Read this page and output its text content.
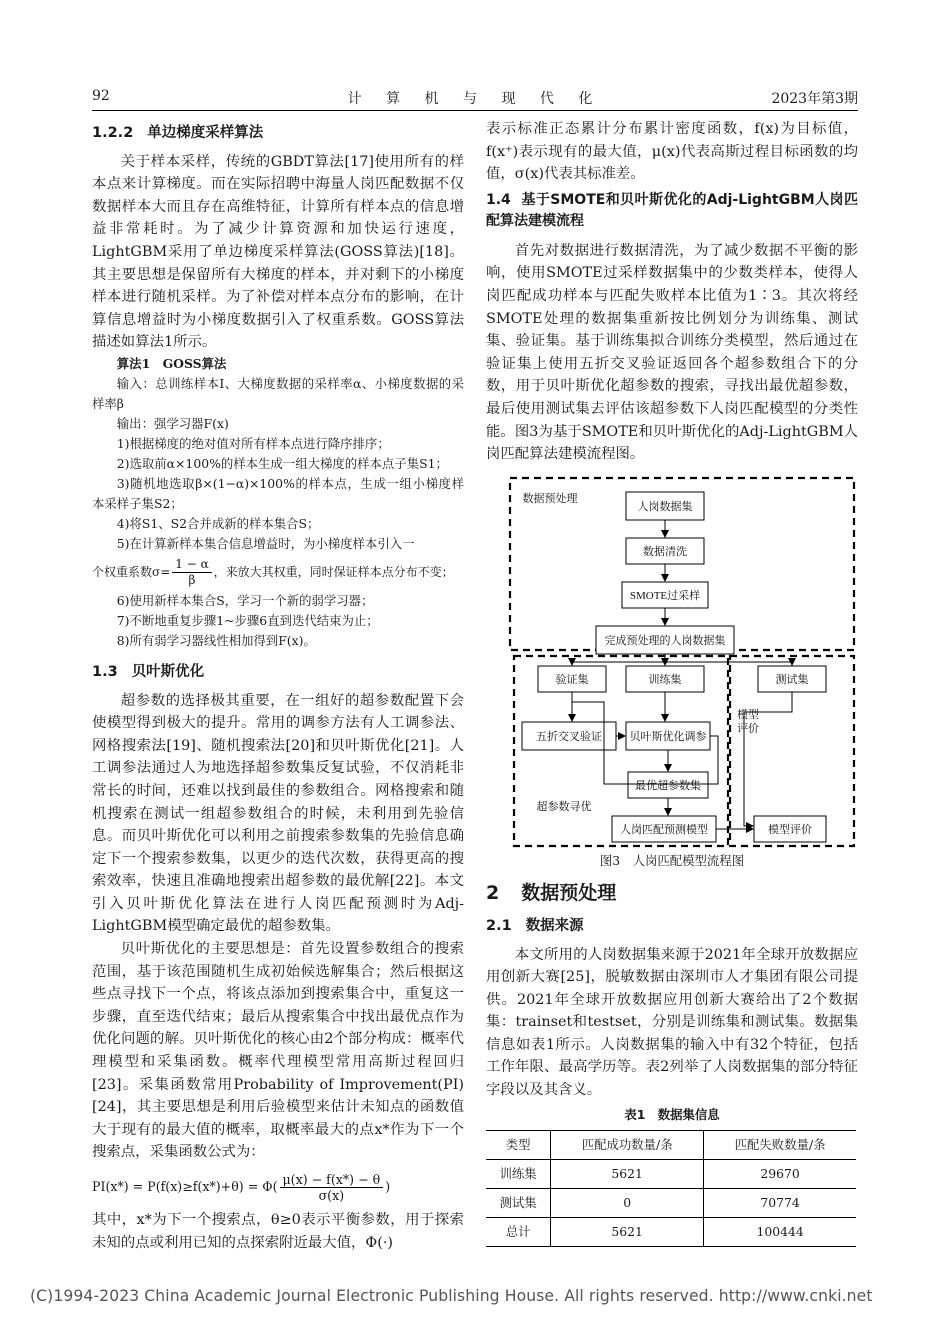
92	计 算 机 与 现 代 化	2023年第3期
1.2.2 单边梯度采样算法

关于样本采样，传统的GBDT算法[17]使用所有的样本点来计算梯度。而在实际招聘中海量人岗匹配数据不仅数据样本大而且存在高维特征，计算所有样本点的信息增益非常耗时。为了减少计算资源和加快运行速度，LightGBM采用了单边梯度采样算法(GOSS算法)[18]。其主要思想是保留所有大梯度的样本，并对剩下的小梯度样本进行随机采样。为了补偿对样本点分布的影响，在计算信息增益时为小梯度数据引入了权重系数。GOSS算法描述如算法1所示。

算法1　GOSS算法
输入：总训练样本I、大梯度数据的采样率α、小梯度数据的采样率β
输出：强学习器F(x)
1)根据梯度的绝对值对所有样本点进行降序排序；
2)选取前α×100%的样本生成一组大梯度的样本点子集S1；
3)随机地选取β×(1−α)×100%的样本点，生成一组小梯度样本采样子集S2；
4)将S1、S2合并成新的样本集合S；
5)在计算新样本集合信息增益时，为小梯度样本引入一
个权重系数$\sigma= \frac{1 - \alpha}{\beta}$ ，来放大其权重，同时保证样本点分布不变；
6)使用新样本集合S，学习一个新的弱学习器；
7)不断地重复步骤1~步骤6直到迭代结束为止；
8)所有弱学习器线性相加得到F(x)。
1.3 贝叶斯优化

超参数的选择极其重要，在一组好的超参数配置下会使模型得到极大的提升。常用的调参方法有人工调参法、网格搜索法[19]、随机搜索法[20]和贝叶斯优化[21]。人工调参法通过人为地选择超参数集反复试验，不仅消耗非常长的时间，还难以找到最佳的参数组合。网格搜索和随机搜索在测试一组超参数组合的时候，未利用到先验信息。而贝叶斯优化可以利用之前搜索参数集的先验信息确定下一个搜索参数集，以更少的迭代次数，获得更高的搜索效率，快速且准确地搜索出超参数的最优解[22]。本文引入贝叶斯优化算法在进行人岗匹配预测时为Adj-LightGBM模型确定最优的超参数集。

贝叶斯优化的主要思想是：首先设置参数组合的搜索范围，基于该范围随机生成初始候选解集合；然后根据这些点寻找下一个点，将该点添加到搜索集合中，重复这一步骤，直至迭代结束；最后从搜索集合中找出最优点作为优化问题的解。贝叶斯优化的核心由2个部分构成：概率代理模型和采集函数。概率代理模型常用高斯过程回归[23]。采集函数常用Probability of Improvement(PI)[24]，其主要思想是利用后验模型来估计未知点的函数值大于现有的最大值的概率，取概率最大的点x*作为下一个搜索点，采集函数公式为：

$PI(x*) = P(f(x)\ge f(x*)+\theta) = \Phi( \frac{\mu(x) - f(x*) - \theta}{\sigma(x)}$ )

其中，x*为下一个搜索点，θ≥0表示平衡参数，用于探索未知的点或利用已知的点探索附近最大值，Φ(·)

表示标准正态累计分布累计密度函数，f(x)为目标值，f(x⁺)表示现有的最大值，μ(x)代表高斯过程目标函数的均值，σ(x)代表其标准差。

1.4 基于SMOTE和贝叶斯优化的Adj-LightGBM人岗匹配算法建模流程

首先对数据进行数据清洗，为了减少数据不平衡的影响，使用SMOTE过采样数据集中的少数类样本，使得人岗匹配成功样本与匹配失败样本比值为1∶3。其次将经SMOTE处理的数据集重新按比例划分为训练集、测试集、验证集。基于训练集拟合训练分类模型，然后通过在验证集上使用五折交叉验证返回各个超参数组合下的分数，用于贝叶斯优化超参数的搜索，寻找出最优超参数，最后使用测试集去评估该超参数下人岗匹配模型的分类性能。图3为基于SMOTE和贝叶斯优化的Adj-LightGBM人岗匹配算法建模流程图。

人岗数据集
数据清洗
SMOTE过采样
完成预处理的人岗数据集
验证集	训练集	测试集
五折交叉验证	贝叶斯优化调参
最优超参数集
人岗匹配预测模型	模型评价
数据预处理
模型
评价
超参数寻优
图3　人岗匹配模型流程图
2 数据预处理
2.1 数据来源

本文所用的人岗数据集来源于2021年全球开放数据应用创新大赛[25]，脱敏数据由深圳市人才集团有限公司提供。2021年全球开放数据应用创新大赛给出了2个数据集：trainset和testset，分别是训练集和测试集。数据集信息如表1所示。人岗数据集的输入中有32个特征，包括工作年限、最高学历等。表2列举了人岗数据集的部分特征字段以及其含义。

表1　数据集信息
类型	匹配成功数量/条	匹配失败数量/条
训练集	5621	29670
测试集	0	70774
总计	5621	100444
(C)1994-2023 China Academic Journal Electronic Publishing House. All rights reserved. http://www.cnki.net
